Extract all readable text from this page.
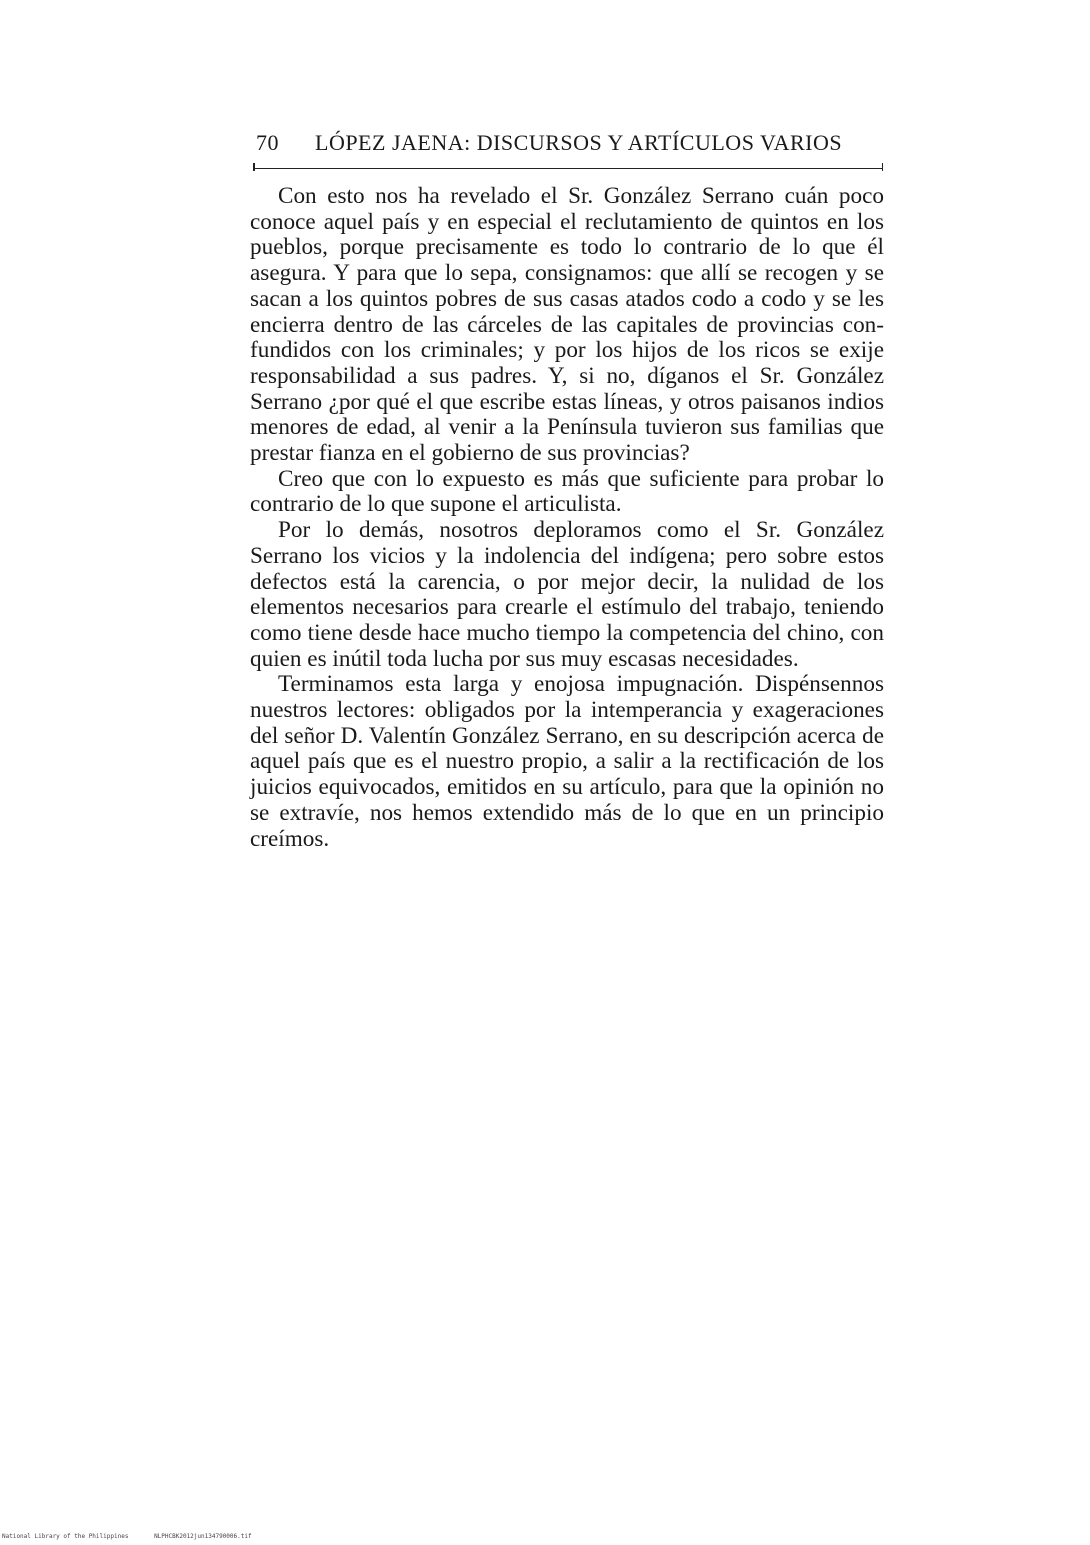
70 LÓPEZ JAENA: DISCURSOS Y ARTÍCULOS VARIOS

Con esto nos ha revelado el Sr. González Serrano cuán poco conoce aquel país y en especial el reclutamiento de quintos en los pueblos, porque precisamente es todo lo contrario de lo que él asegura. Y para que lo sepa, consignamos: que allí se recogen y se sacan a los quintos pobres de sus casas atados codo a codo y se les encierra dentro de las cárceles de las capitales de provincias confundidos con los criminales; y por los hijos de los ricos se exije responsabilidad a sus padres. Y, si no, díganos el Sr. González Serrano ¿por qué el que escribe estas líneas, y otros paisanos indios menores de edad, al venir a la Península tuvieron sus familias que prestar fianza en el gobierno de sus provincias?

Creo que con lo expuesto es más que suficiente para probar lo contrario de lo que supone el articulista.

Por lo demás, nosotros deploramos como el Sr. González Serrano los vicios y la indolencia del indígena; pero sobre estos defectos está la carencia, o por mejor decir, la nulidad de los elementos necesarios para crearle el estímulo del trabajo, teniendo como tiene desde hace mucho tiempo la competencia del chino, con quien es inútil toda lucha por sus muy escasas necesidades.

Terminamos esta larga y enojosa impugnación. Dispénsennos nuestros lectores: obligados por la intemperancia y exageraciones del señor D. Valentín González Serrano, en su descripción acerca de aquel país que es el nuestro propio, a salir a la rectificación de los juicios equivocados, emitidos en su artículo, para que la opinión no se extravíe, nos hemos extendido más de lo que en un principio creímos.

National Library of the Philippines	NLPHCBK2012jun134790006.tif
